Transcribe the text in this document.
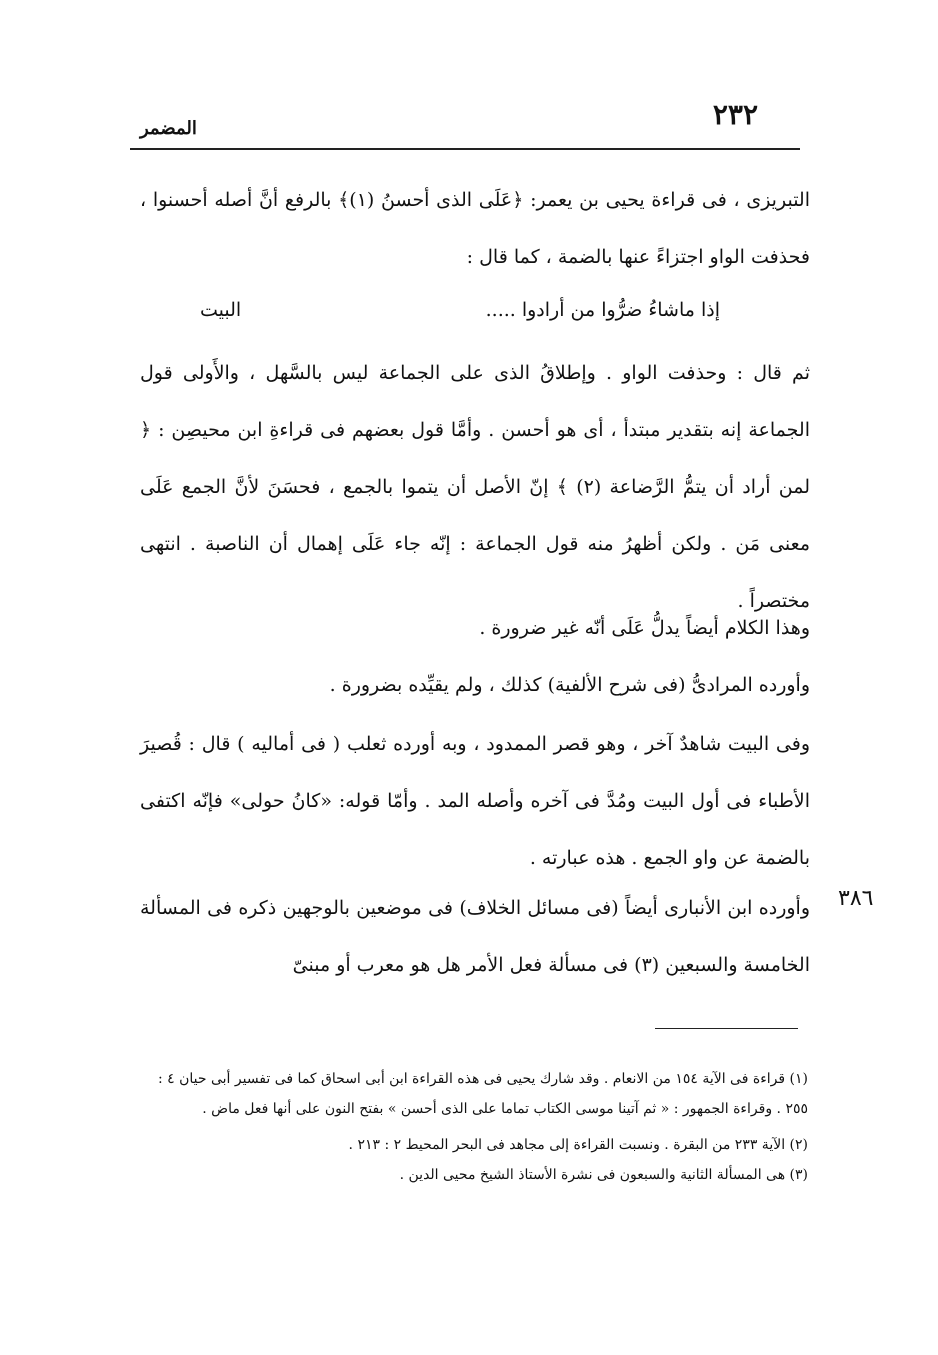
٢٣٢
المضمر

التبريزى ، فى قراءة يحيى بن يعمر: ﴿عَلَى الذى أحسنُ (١)﴾ بالرفع أنَّ أصله أحسنوا ، فحذفت الواو اجتزاءً عنها بالضمة ، كما قال :

إذا ماشاءُ ضرُّوا من أرادوا .....
البيت

ثم قال : وحذفت الواو . وإطلاقُ الذى على الجماعة ليس بالسَّهل ، والأَولى قول الجماعة إنه بتقدير مبتدأ ، أى هو أحسن . وأمَّا قول بعضهم فى قراءةِ ابن محيصِن : ﴿ لمن أراد أن يتمُّ الرَّضاعة (٢) ﴾ إنّ الأصل أن يتموا بالجمع ، فحسَنَ لأنَّ الجمع عَلَى معنى مَن . ولكن أظهرُ منه قول الجماعة : إنّه جاء عَلَى إهمال أن الناصبة . انتهى مختصراً .

وهذا الكلام أيضاً يدلُّ عَلَى أنّه غير ضرورة .

وأورده المرادىُّ (فى شرح الألفية) كذلك ، ولم يقيِّده بضرورة .

وفى البيت شاهدٌ آخر ، وهو قصر الممدود ، وبه أورده ثعلب ( فى أماليه ) قال : قُصيرَ الأطباء فى أول البيت ومُدَّ فى آخره وأصله المد . وأمّا قوله: «كانُ حولى» فإنّه اكتفى بالضمة عن واو الجمع . هذه عبارته .

وأورده ابن الأنبارى أيضاً (فى مسائل الخلاف) فى موضعين بالوجهين ذكره فى المسألة الخامسة والسبعين (٣) فى مسألة فعل الأمر هل هو معرب أو مبنىّ

٣٨٦

(١) قراءة فى الآية ١٥٤ من الانعام . وقد شارك يحيى فى هذه القراءة ابن أبى اسحاق كما فى تفسير أبى حيان ٤ : ٢٥٥ . وقراءة الجمهور : « ثم آتينا موسى الكتاب تماما على الذى أحسن » بفتح النون على أنها فعل ماض .

(٢) الآية ٢٣٣ من البقرة . ونسبت القراءة إلى مجاهد فى البحر المحيط ٢ : ٢١٣ .

(٣) هى المسألة الثانية والسبعون فى نشرة الأستاذ الشيخ محيى الدين .
